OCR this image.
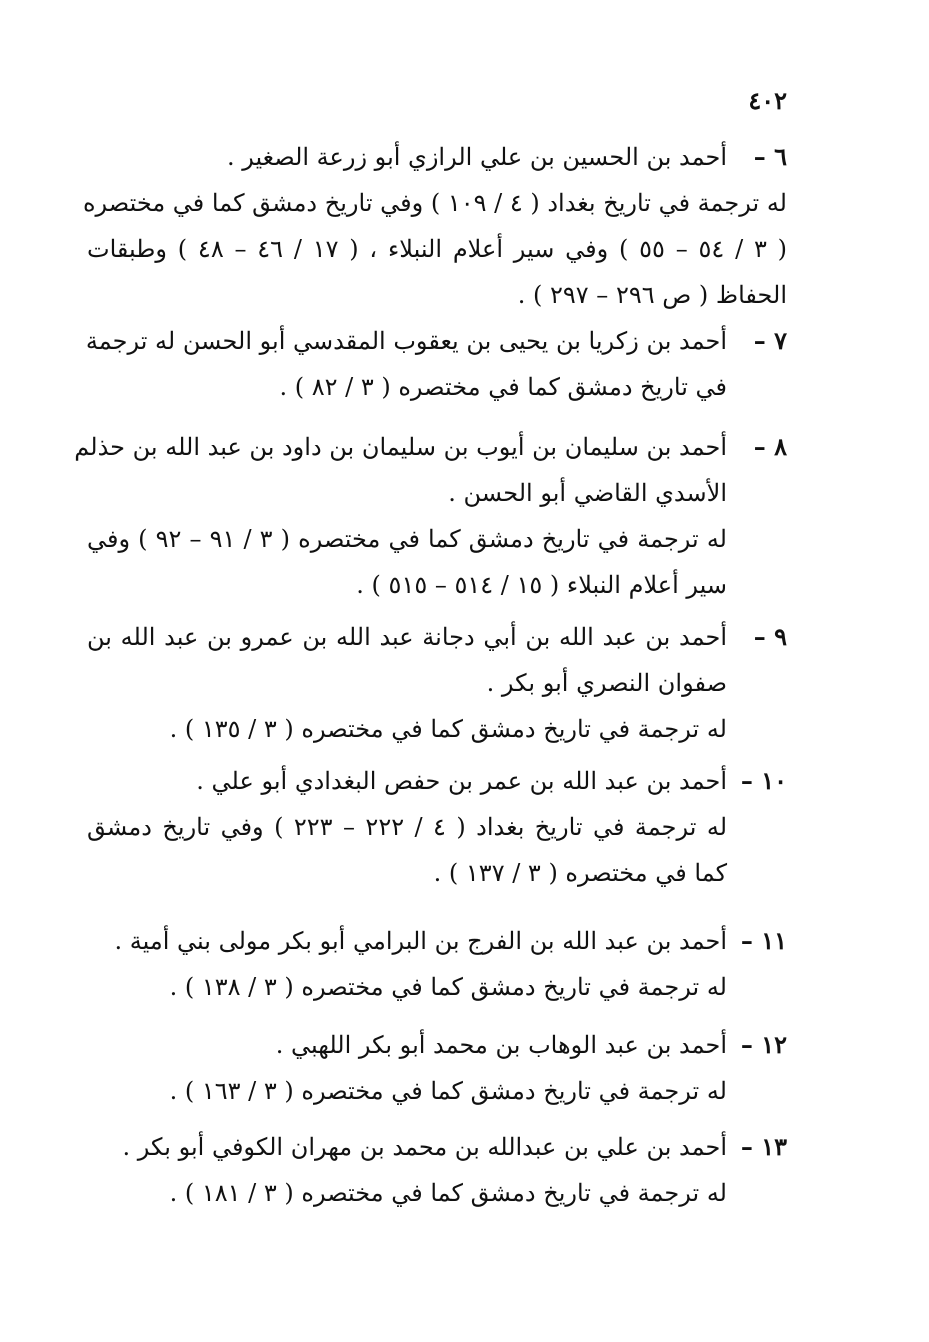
٤٠٢
٦ –
أحمد بن الحسين بن علي الرازي أبو زرعة الصغير .
له ترجمة في تاريخ بغداد ( ٤ / ١٠٩ ) وفي تاريخ دمشق كما في مختصره
( ٣ / ٥٤ – ٥٥ ) وفي سير أعلام النبلاء ، ( ١٧ / ٤٦ – ٤٨ ) وطبقات
الحفاظ ( ص ٢٩٦ – ٢٩٧ ) .
٧ –
أحمد بن زكريا بن يحيى بن يعقوب المقدسي أبو الحسن له ترجمة
في تاريخ دمشق كما في مختصره ( ٣ / ٨٢ ) .
٨ –
أحمد بن سليمان بن أيوب بن سليمان بن داود بن عبد الله بن حذلم
الأسدي القاضي أبو الحسن .
له ترجمة في تاريخ دمشق كما في مختصره ( ٣ / ٩١ – ٩٢ ) وفي
سير أعلام النبلاء ( ١٥ / ٥١٤ – ٥١٥ ) .
٩ –
أحمد بن عبد الله بن أبي دجانة عبد الله بن عمرو بن عبد الله بن
صفوان النصري أبو بكر .
له ترجمة في تاريخ دمشق كما في مختصره ( ٣ / ١٣٥ ) .
١٠ –
أحمد بن عبد الله بن عمر بن حفص البغدادي أبو علي .
له ترجمة في تاريخ بغداد ( ٤ / ٢٢٢ – ٢٢٣ ) وفي تاريخ دمشق
كما في مختصره ( ٣ / ١٣٧ ) .
١١ –
أحمد بن عبد الله بن الفرج بن البرامي أبو بكر مولى بني أمية .
له ترجمة في تاريخ دمشق كما في مختصره ( ٣ / ١٣٨ ) .
١٢ –
أحمد بن عبد الوهاب بن محمد أبو بكر اللهبي .
له ترجمة في تاريخ دمشق كما في مختصره ( ٣ / ١٦٣ ) .
١٣ –
أحمد بن علي بن عبدالله بن محمد بن مهران الكوفي أبو بكر .
له ترجمة في تاريخ دمشق كما في مختصره ( ٣ / ١٨١ ) .
